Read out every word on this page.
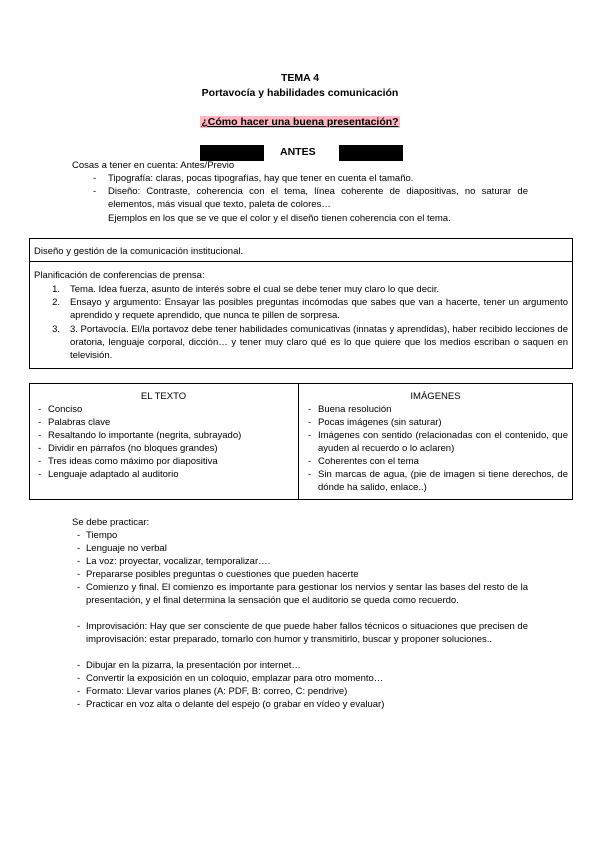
TEMA 4
Portavocía y habilidades comunicación
¿Cómo hacer una buena presentación?
ANTES
Cosas a tener en cuenta: Antes/Previo
- Tipografía: claras, pocas tipografías, hay que tener en cuenta el tamaño.
- Diseño: Contraste, coherencia con el tema, línea coherente de diapositivas, no saturar de elementos, más visual que texto, paleta de colores…
Ejemplos en los que se ve que el color y el diseño tienen coherencia con el tema.
Diseño y gestión de la comunicación institucional.
Planificación de conferencias de prensa:
1. Tema. Idea fuerza, asunto de interés sobre el cual se debe tener muy claro lo que decir.
2. Ensayo y argumento: Ensayar las posibles preguntas incómodas que sabes que van a hacerte, tener un argumento aprendido y requete aprendido, que nunca te pillen de sorpresa.
3. 3. Portavocía. El/la portavoz debe tener habilidades comunicativas (innatas y aprendidas), haber recibido lecciones de oratoria, lenguaje corporal, dicción… y tener muy claro qué es lo que quiere que los medios escriban o saquen en televisión.
EL TEXTO	IMÁGENES
- Conciso
- Palabras clave
- Resaltando lo importante (negrita, subrayado)
- Dividir en párrafos (no bloques grandes)
- Tres ideas como máximo por diapositiva
- Lenguaje adaptado al auditorio
- Buena resolución
- Pocas imágenes (sin saturar)
- Imágenes con sentido (relacionadas con el contenido, que ayuden al recuerdo o lo aclaren)
- Coherentes con el tema
- Sin marcas de agua, (pie de imagen si tiene derechos, de dónde ha salido, enlace..)
Se debe practicar:
- Tiempo
- Lenguaje no verbal
- La voz: proyectar, vocalizar, temporalizar….
- Prepararse posibles preguntas o cuestiones que pueden hacerte
- Comienzo y final. El comienzo es importante para gestionar los nervios y sentar las bases del resto de la presentación, y el final determina la sensación que el auditorio se queda como recuerdo.
- Improvisación: Hay que ser consciente de que puede haber fallos técnicos o situaciones que precisen de improvisación: estar preparado, tomarlo con humor y transmitirlo, buscar y proponer soluciones..
- Dibujar en la pizarra, la presentación por internet…
- Convertir la exposición en un coloquio, emplazar para otro momento…
- Formato: Llevar varios planes (A: PDF, B: correo, C: pendrive)
- Practicar en voz alta o delante del espejo (o grabar en vídeo y evaluar)
